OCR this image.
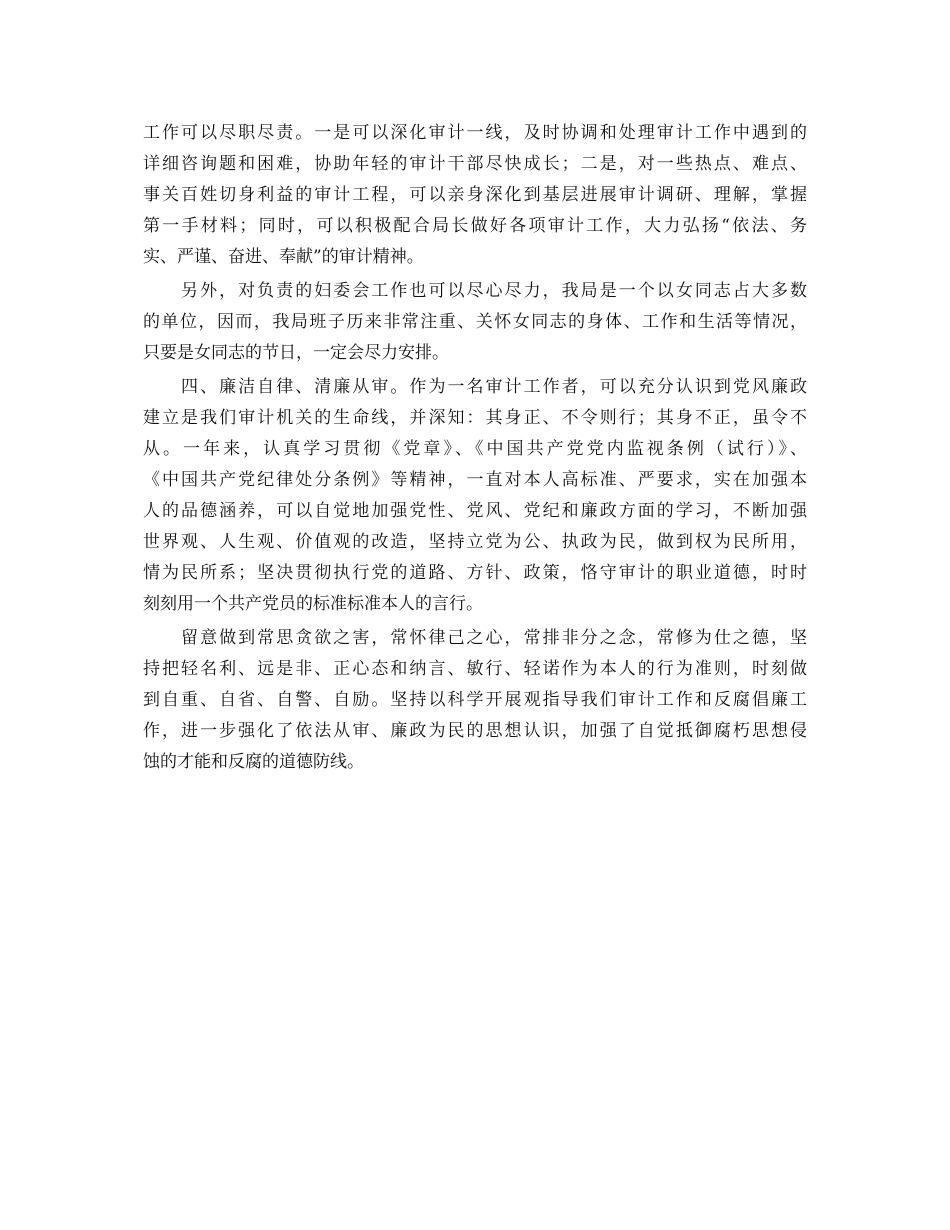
工作可以尽职尽责。一是可以深化审计一线，及时协调和处理审计工作中遇到的
详细咨询题和困难，协助年轻的审计干部尽快成长；二是，对一些热点、难点、
事关百姓切身利益的审计工程，可以亲身深化到基层进展审计调研、理解，掌握
第一手材料；同时，可以积极配合局长做好各项审计工作，大力弘扬“依法、务
实、严谨、奋进、奉献”的审计精神。
　　另外，对负责的妇委会工作也可以尽心尽力，我局是一个以女同志占大多数
的单位，因而，我局班子历来非常注重、关怀女同志的身体、工作和生活等情况，
只要是女同志的节日，一定会尽力安排。
　　四、廉洁自律、清廉从审。作为一名审计工作者，可以充分认识到党风廉政
建立是我们审计机关的生命线，并深知：其身正、不令则行；其身不正，虽令不
从。一年来，认真学习贯彻《党章》、《中国共产党党内监视条例（试行）》、
《中国共产党纪律处分条例》等精神，一直对本人高标准、严要求，实在加强本
人的品德涵养，可以自觉地加强党性、党风、党纪和廉政方面的学习，不断加强
世界观、人生观、价值观的改造，坚持立党为公、执政为民，做到权为民所用，
情为民所系；坚决贯彻执行党的道路、方针、政策，恪守审计的职业道德，时时
刻刻用一个共产党员的标准标准本人的言行。
　　留意做到常思贪欲之害，常怀律己之心，常排非分之念，常修为仕之德，坚
持把轻名利、远是非、正心态和纳言、敏行、轻诺作为本人的行为准则，时刻做
到自重、自省、自警、自励。坚持以科学开展观指导我们审计工作和反腐倡廉工
作，进一步强化了依法从审、廉政为民的思想认识，加强了自觉抵御腐朽思想侵
蚀的才能和反腐的道德防线。
